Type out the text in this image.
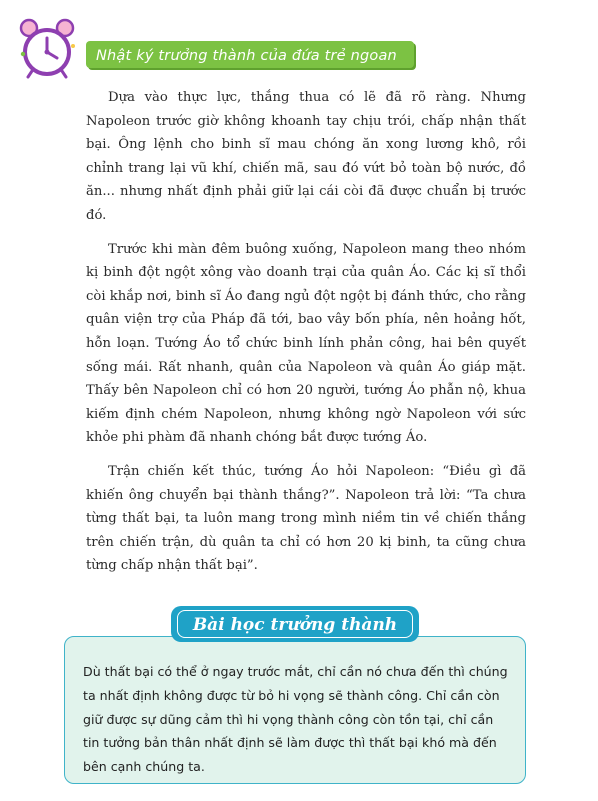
Nhật ký trưởng thành của đứa trẻ ngoan

Dựa vào thực lực, thắng thua có lẽ đã rõ ràng. Nhưng Napoleon trước giờ không khoanh tay chịu trói, chấp nhận thất bại. Ông lệnh cho binh sĩ mau chóng ăn xong lương khô, rồi chỉnh trang lại vũ khí, chiến mã, sau đó vứt bỏ toàn bộ nước, đồ ăn... nhưng nhất định phải giữ lại cái còi đã được chuẩn bị trước đó.

Trước khi màn đêm buông xuống, Napoleon mang theo nhóm kị binh đột ngột xông vào doanh trại của quân Áo. Các kị sĩ thổi còi khắp nơi, binh sĩ Áo đang ngủ đột ngột bị đánh thức, cho rằng quân viện trợ của Pháp đã tới, bao vây bốn phía, nên hoảng hốt, hỗn loạn. Tướng Áo tổ chức binh lính phản công, hai bên quyết sống mái. Rất nhanh, quân của Napoleon và quân Áo giáp mặt. Thấy bên Napoleon chỉ có hơn 20 người, tướng Áo phẫn nộ, khua kiếm định chém Napoleon, nhưng không ngờ Napoleon với sức khỏe phi phàm đã nhanh chóng bắt được tướng Áo.

Trận chiến kết thúc, tướng Áo hỏi Napoleon: “Điều gì đã khiến ông chuyển bại thành thắng?”. Napoleon trả lời: “Ta chưa từng thất bại, ta luôn mang trong mình niềm tin về chiến thắng trên chiến trận, dù quân ta chỉ có hơn 20 kị binh, ta cũng chưa từng chấp nhận thất bại”.

Bài học trưởng thành
Dù thất bại có thể ở ngay trước mắt, chỉ cần nó chưa đến thì chúng ta nhất định không được từ bỏ hi vọng sẽ thành công. Chỉ cần còn giữ được sự dũng cảm thì hi vọng thành công còn tồn tại, chỉ cần tin tưởng bản thân nhất định sẽ làm được thì thất bại khó mà đến bên cạnh chúng ta.
